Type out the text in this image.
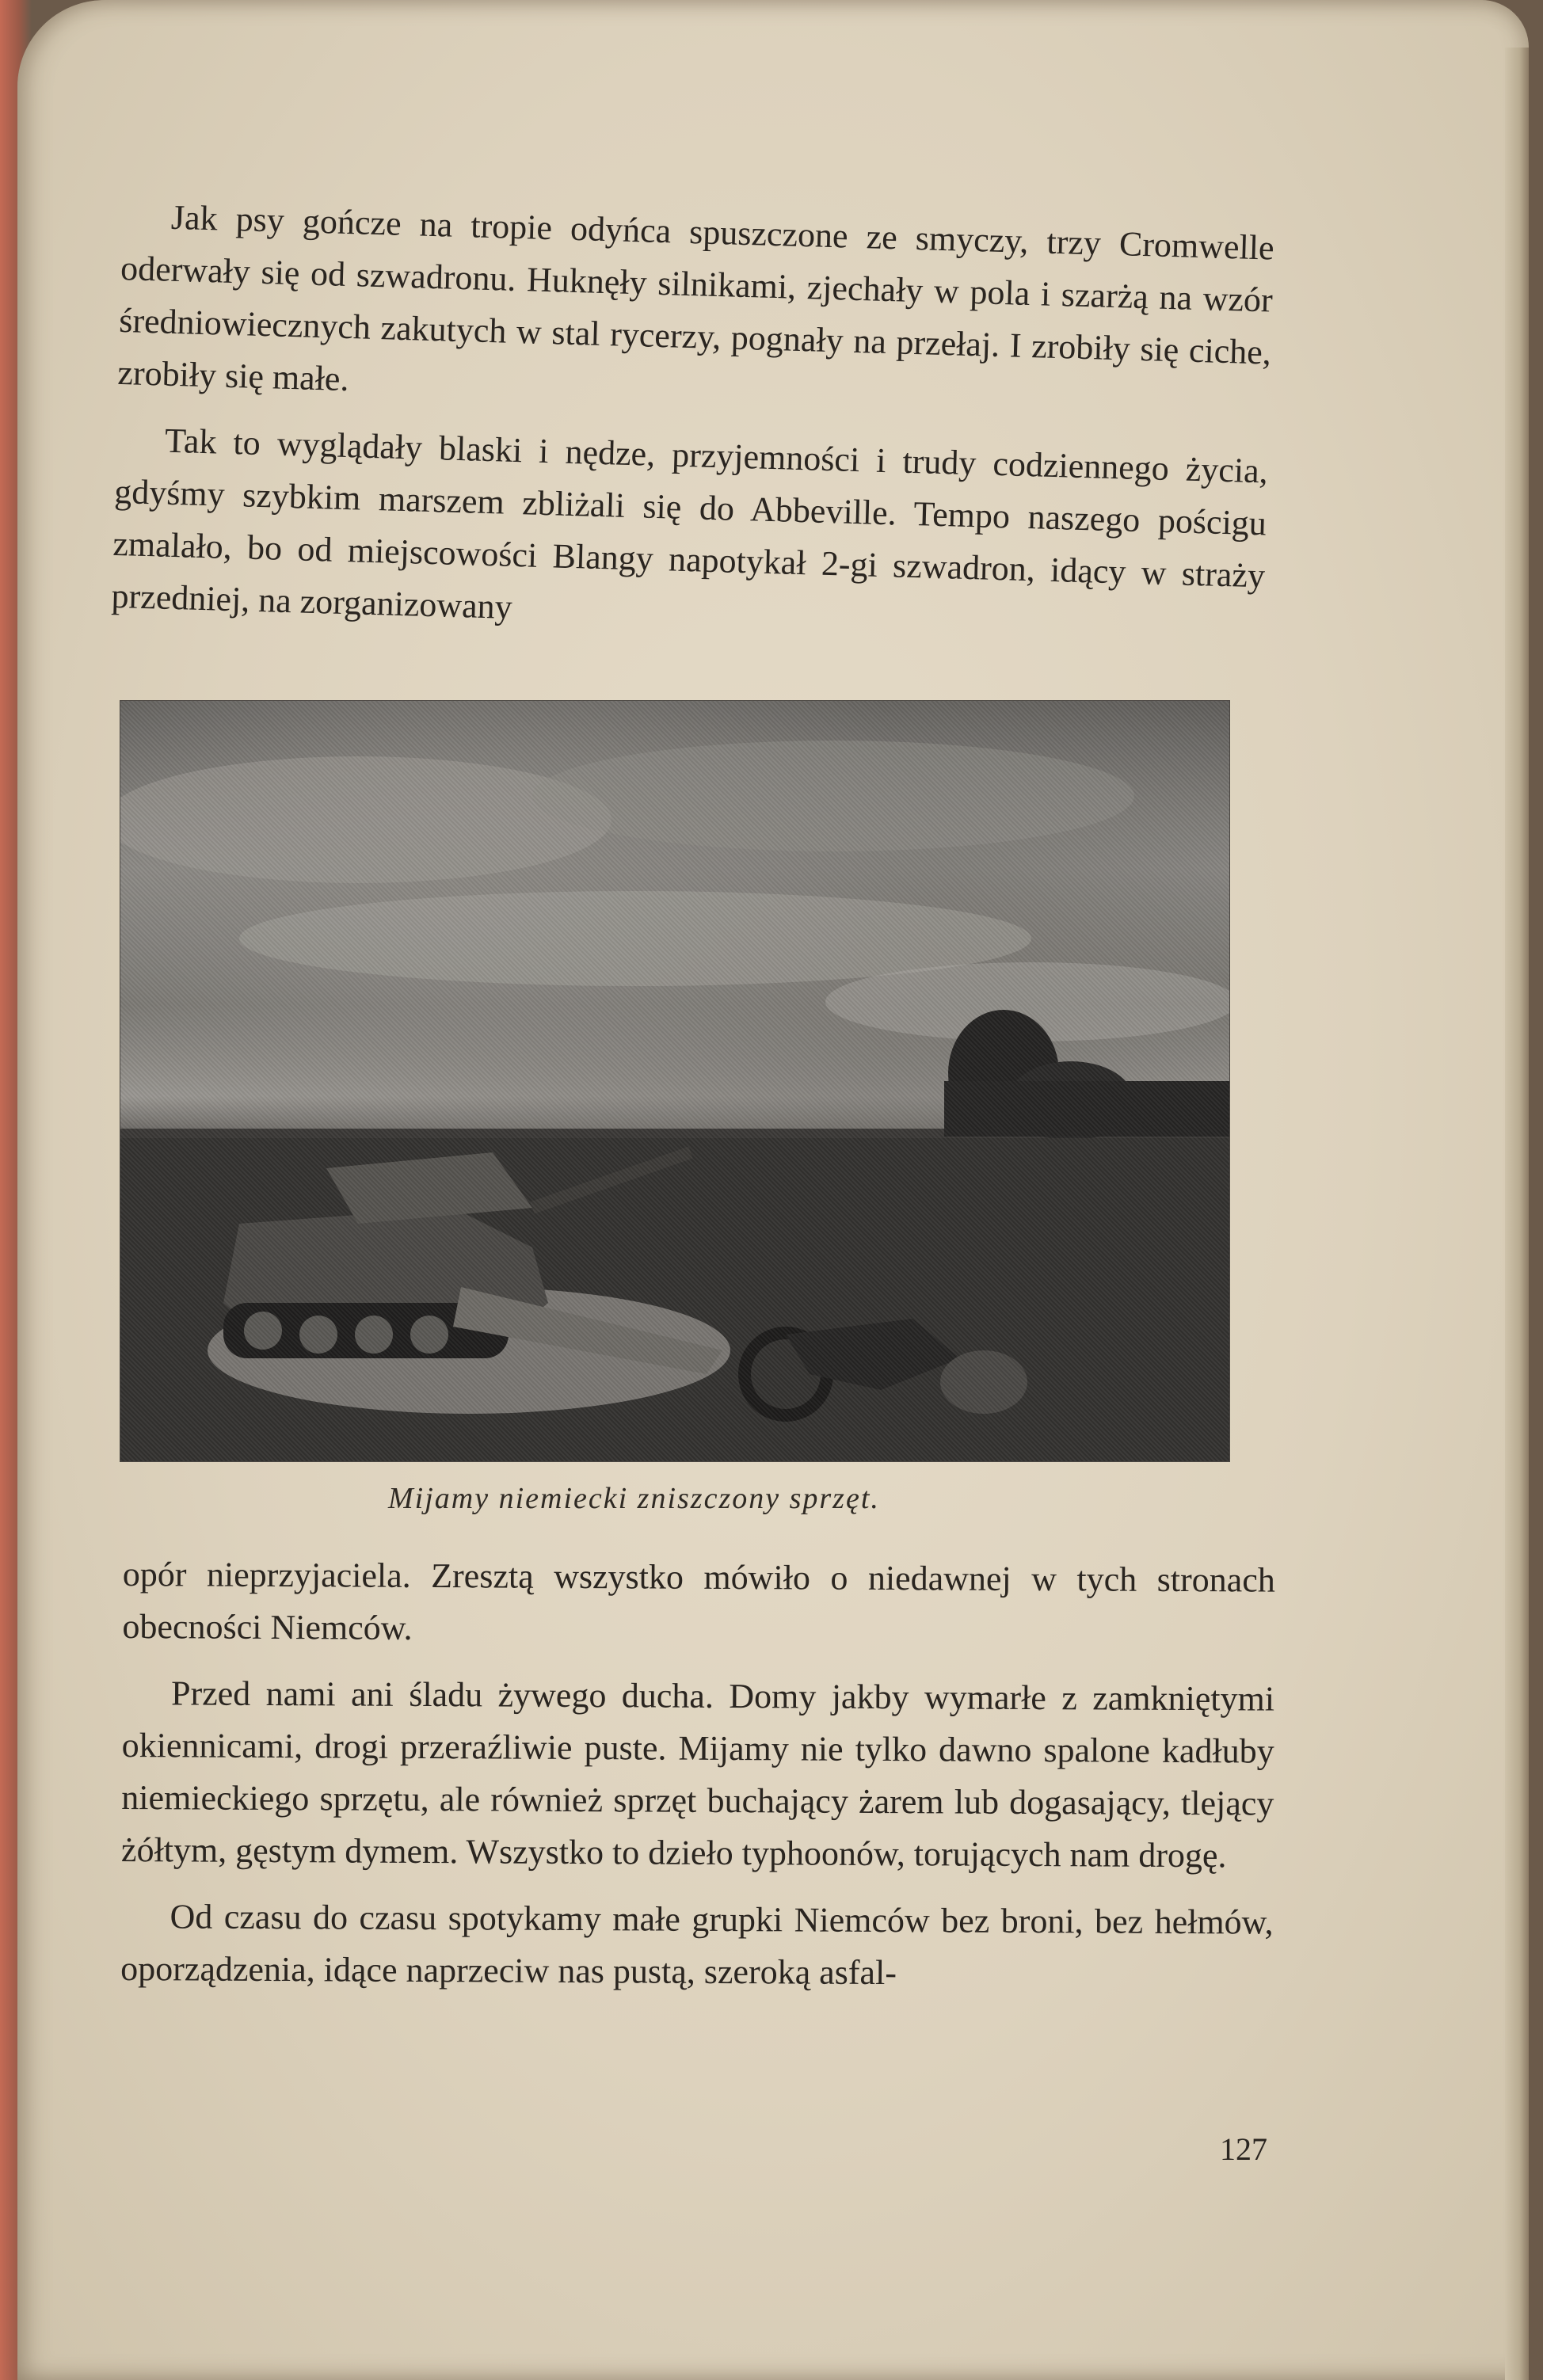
Jak psy gończe na tropie odyńca spuszczone ze smyczy, trzy Cromwelle oderwały się od szwadronu. Huknęły silnikami, zjechały w pola i szarżą na wzór średniowiecznych zakutych w stal rycerzy, pognały na przełaj. I zrobiły się ciche, zrobiły się małe.

Tak to wyglądały blaski i nędze, przyjemności i trudy codziennego życia, gdyśmy szybkim marszem zbliżali się do Abbeville. Tempo naszego pościgu zmalało, bo od miejscowości Blangy napotykał 2-gi szwadron, idący w straży przedniej, na zorganizowany

Mijamy niemiecki zniszczony sprzęt.

opór nieprzyjaciela. Zresztą wszystko mówiło o niedawnej w tych stronach obecności Niemców.

Przed nami ani śladu żywego ducha. Domy jakby wymarłe z zamkniętymi okiennicami, drogi przeraźliwie puste. Mijamy nie tylko dawno spalone kadłuby niemieckiego sprzętu, ale również sprzęt buchający żarem lub dogasający, tlejący żółtym, gęstym dymem. Wszystko to dzieło typhoonów, torujących nam drogę.

Od czasu do czasu spotykamy małe grupki Niemców bez broni, bez hełmów, oporządzenia, idące naprzeciw nas pustą, szeroką asfal-

127
